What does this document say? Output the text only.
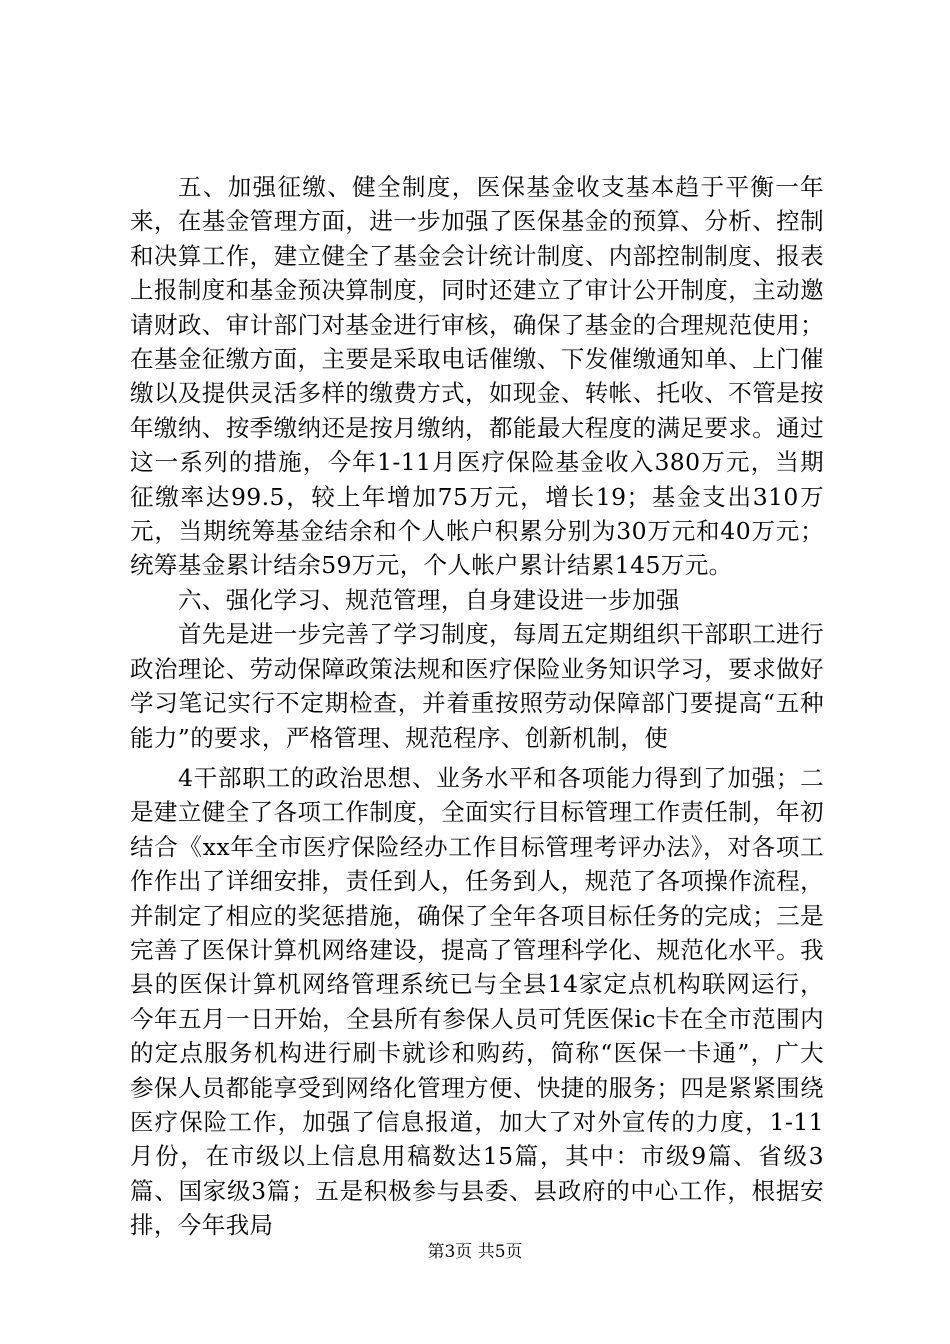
五、加强征缴、健全制度，医保基金收支基本趋于平衡一年来，在基金管理方面，进一步加强了医保基金的预算、分析、控制和决算工作，建立健全了基金会计统计制度、内部控制制度、报表上报制度和基金预决算制度，同时还建立了审计公开制度，主动邀请财政、审计部门对基金进行审核，确保了基金的合理规范使用；在基金征缴方面，主要是采取电话催缴、下发催缴通知单、上门催缴以及提供灵活多样的缴费方式，如现金、转帐、托收、不管是按年缴纳、按季缴纳还是按月缴纳，都能最大程度的满足要求。通过这一系列的措施，今年1-11月医疗保险基金收入380万元，当期征缴率达99.5，较上年增加75万元，增长19；基金支出310万元，当期统筹基金结余和个人帐户积累分别为30万元和40万元；统筹基金累计结余59万元，个人帐户累计结累145万元。

六、强化学习、规范管理，自身建设进一步加强

首先是进一步完善了学习制度，每周五定期组织干部职工进行政治理论、劳动保障政策法规和医疗保险业务知识学习，要求做好学习笔记实行不定期检查，并着重按照劳动保障部门要提高“五种能力”的要求，严格管理、规范程序、创新机制，使

4干部职工的政治思想、业务水平和各项能力得到了加强；二是建立健全了各项工作制度，全面实行目标管理工作责任制，年初结合《xx年全市医疗保险经办工作目标管理考评办法》，对各项工作作出了详细安排，责任到人，任务到人，规范了各项操作流程，并制定了相应的奖惩措施，确保了全年各项目标任务的完成；三是完善了医保计算机网络建设，提高了管理科学化、规范化水平。我县的医保计算机网络管理系统已与全县14家定点机构联网运行，今年五月一日开始，全县所有参保人员可凭医保ic卡在全市范围内的定点服务机构进行刷卡就诊和购药，简称“医保一卡通”，广大参保人员都能享受到网络化管理方便、快捷的服务；四是紧紧围绕医疗保险工作，加强了信息报道，加大了对外宣传的力度，1-11月份，在市级以上信息用稿数达15篇，其中：市级9篇、省级3篇、国家级3篇；五是积极参与县委、县政府的中心工作，根据安排，今年我局

第3页 共5页
